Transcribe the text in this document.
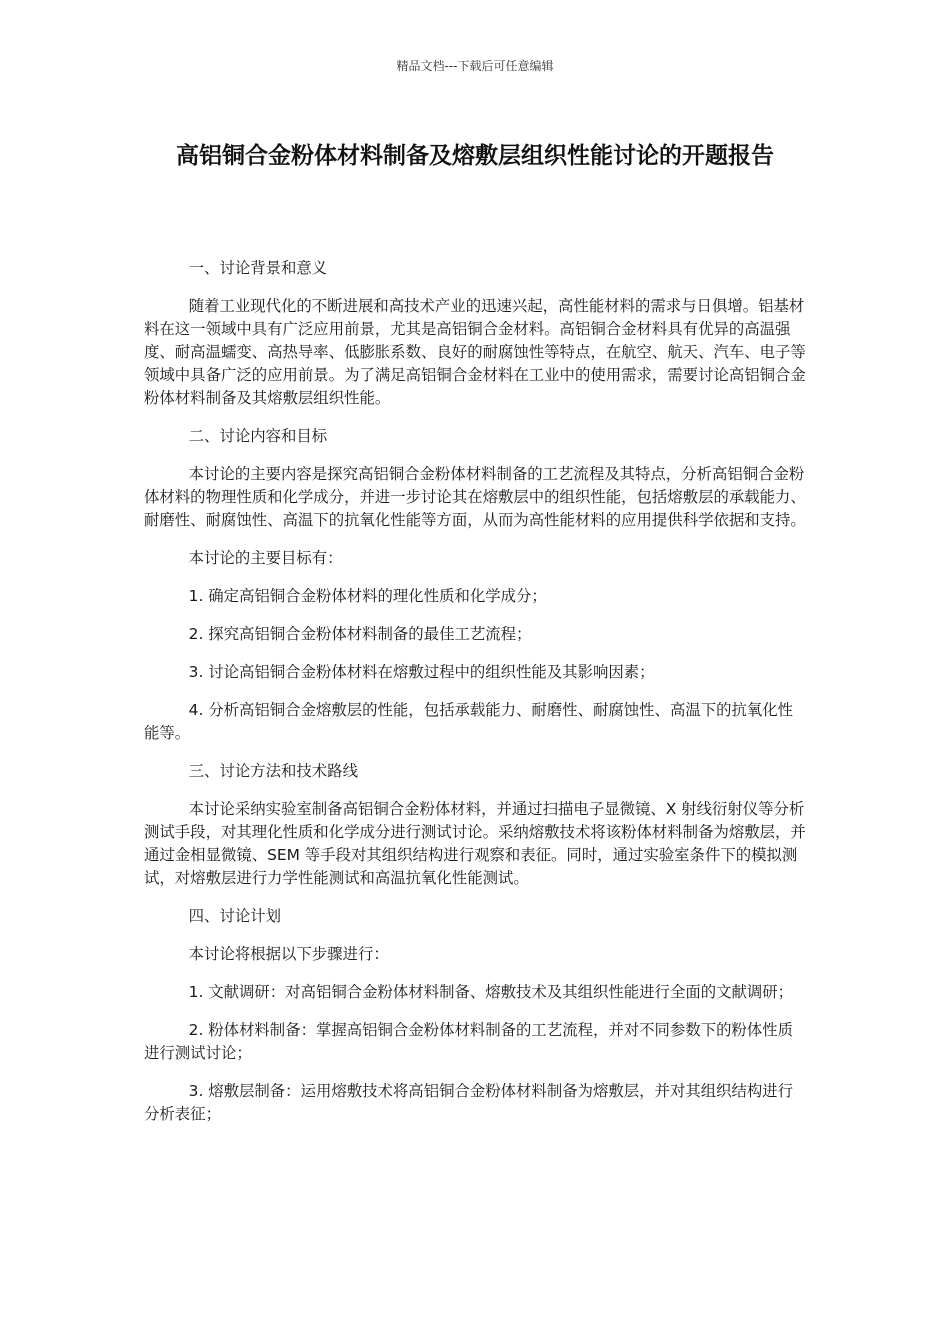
精品文档---下载后可任意编辑
高铝铜合金粉体材料制备及熔敷层组织性能讨论的开题报告

一、讨论背景和意义

随着工业现代化的不断进展和高技术产业的迅速兴起，高性能材料的需求与日俱增。铝基材料在这一领域中具有广泛应用前景，尤其是高铝铜合金材料。高铝铜合金材料具有优异的高温强度、耐高温蠕变、高热导率、低膨胀系数、良好的耐腐蚀性等特点，在航空、航天、汽车、电子等领域中具备广泛的应用前景。为了满足高铝铜合金材料在工业中的使用需求，需要讨论高铝铜合金粉体材料制备及其熔敷层组织性能。

二、讨论内容和目标

本讨论的主要内容是探究高铝铜合金粉体材料制备的工艺流程及其特点，分析高铝铜合金粉体材料的物理性质和化学成分，并进一步讨论其在熔敷层中的组织性能，包括熔敷层的承载能力、耐磨性、耐腐蚀性、高温下的抗氧化性能等方面，从而为高性能材料的应用提供科学依据和支持。

本讨论的主要目标有：

1. 确定高铝铜合金粉体材料的理化性质和化学成分；

2. 探究高铝铜合金粉体材料制备的最佳工艺流程；

3. 讨论高铝铜合金粉体材料在熔敷过程中的组织性能及其影响因素；

4. 分析高铝铜合金熔敷层的性能，包括承载能力、耐磨性、耐腐蚀性、高温下的抗氧化性能等。

三、讨论方法和技术路线

本讨论采纳实验室制备高铝铜合金粉体材料，并通过扫描电子显微镜、X 射线衍射仪等分析测试手段，对其理化性质和化学成分进行测试讨论。采纳熔敷技术将该粉体材料制备为熔敷层，并通过金相显微镜、SEM 等手段对其组织结构进行观察和表征。同时，通过实验室条件下的模拟测试，对熔敷层进行力学性能测试和高温抗氧化性能测试。

四、讨论计划

本讨论将根据以下步骤进行：

1. 文献调研：对高铝铜合金粉体材料制备、熔敷技术及其组织性能进行全面的文献调研；

2. 粉体材料制备：掌握高铝铜合金粉体材料制备的工艺流程，并对不同参数下的粉体性质进行测试讨论；

3. 熔敷层制备：运用熔敷技术将高铝铜合金粉体材料制备为熔敷层，并对其组织结构进行分析表征；
